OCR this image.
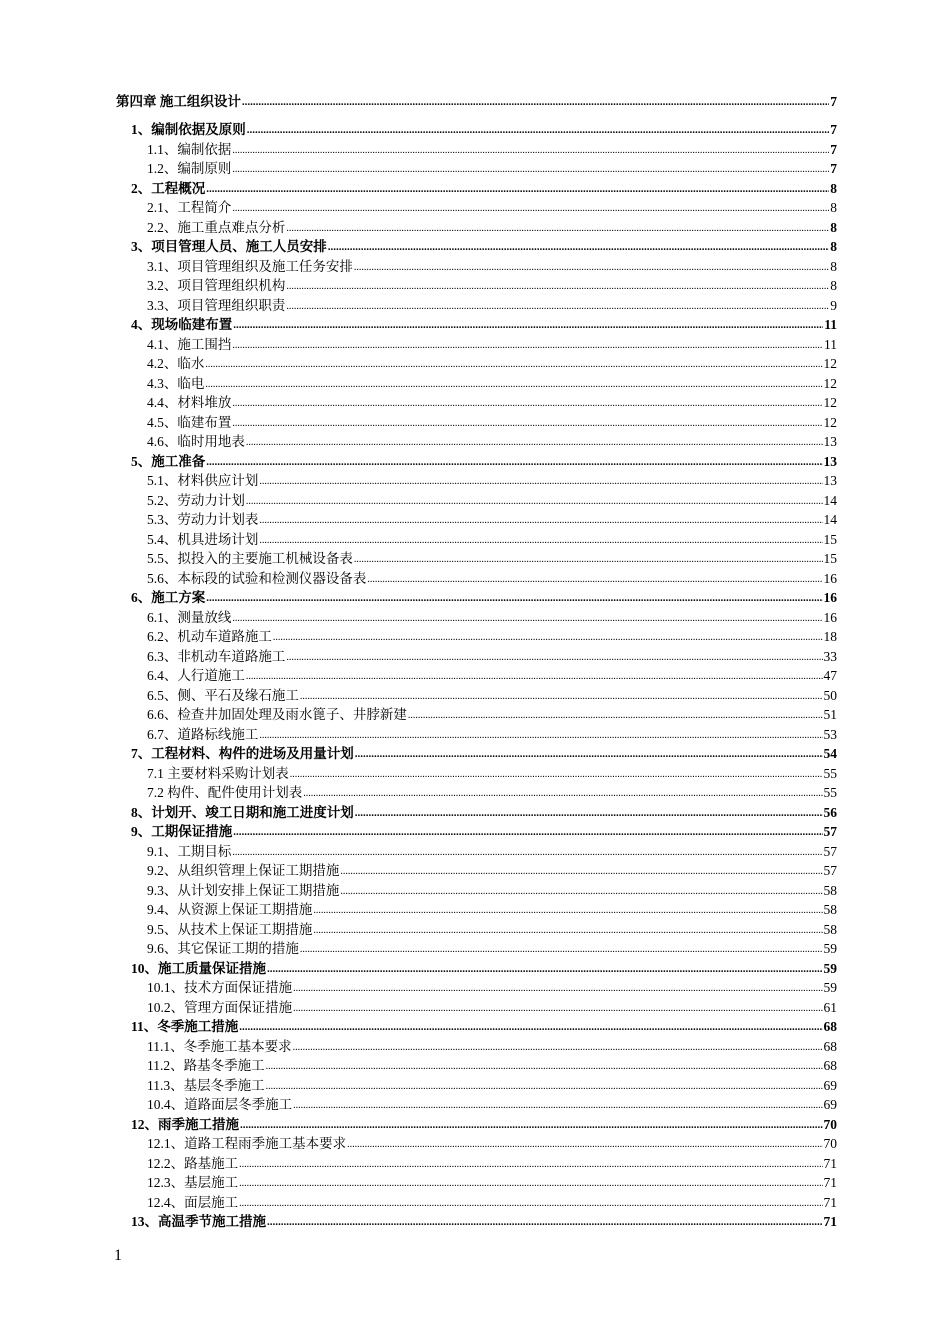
第四章 施工组织设计 .....	7
1、编制依据及原则 .....	7
1.1、编制依据 .....	7
1.2、编制原则 .....	7
2、工程概况 .....	8
2.1、工程简介 .....	8
2.2、施工重点难点分析 .....	8
3、项目管理人员、施工人员安排 .....	8
3.1、项目管理组织及施工任务安排 .....	8
3.2、项目管理组织机构 .....	8
3.3、项目管理组织职责 .....	9
4、现场临建布置 .....	11
4.1、施工围挡 .....	11
4.2、临水 .....	12
4.3、临电 .....	12
4.4、材料堆放 .....	12
4.5、临建布置 .....	12
4.6、临时用地表 .....	13
5、施工准备 .....	13
5.1、材料供应计划 .....	13
5.2、劳动力计划 .....	14
5.3、劳动力计划表 .....	14
5.4、机具进场计划 .....	15
5.5、拟投入的主要施工机械设备表 .....	15
5.6、本标段的试验和检测仪器设备表 .....	16
6、施工方案 .....	16
6.1、测量放线 .....	16
6.2、机动车道路施工 .....	18
6.3、非机动车道路施工 .....	33
6.4、人行道施工 .....	47
6.5、侧、平石及缘石施工 .....	50
6.6、检查井加固处理及雨水篦子、井脖新建 .....	51
6.7、道路标线施工 .....	53
7、工程材料、构件的进场及用量计划 .....	54
7.1 主要材料采购计划表 .....	55
7.2 构件、配件使用计划表 .....	55
8、计划开、竣工日期和施工进度计划 .....	56
9、工期保证措施 .....	57
9.1、工期目标 .....	57
9.2、从组织管理上保证工期措施 .....	57
9.3、从计划安排上保证工期措施 .....	58
9.4、从资源上保证工期措施 .....	58
9.5、从技术上保证工期措施 .....	58
9.6、其它保证工期的措施 .....	59
10、施工质量保证措施 .....	59
10.1、技术方面保证措施 .....	59
10.2、管理方面保证措施 .....	61
11、冬季施工措施 .....	68
11.1、冬季施工基本要求 .....	68
11.2、路基冬季施工 .....	68
11.3、基层冬季施工 .....	69
10.4、道路面层冬季施工 .....	69
12、雨季施工措施 .....	70
12.1、道路工程雨季施工基本要求 .....	70
12.2、路基施工 .....	71
12.3、基层施工 .....	71
12.4、面层施工 .....	71
13、高温季节施工措施 .....	71
1
